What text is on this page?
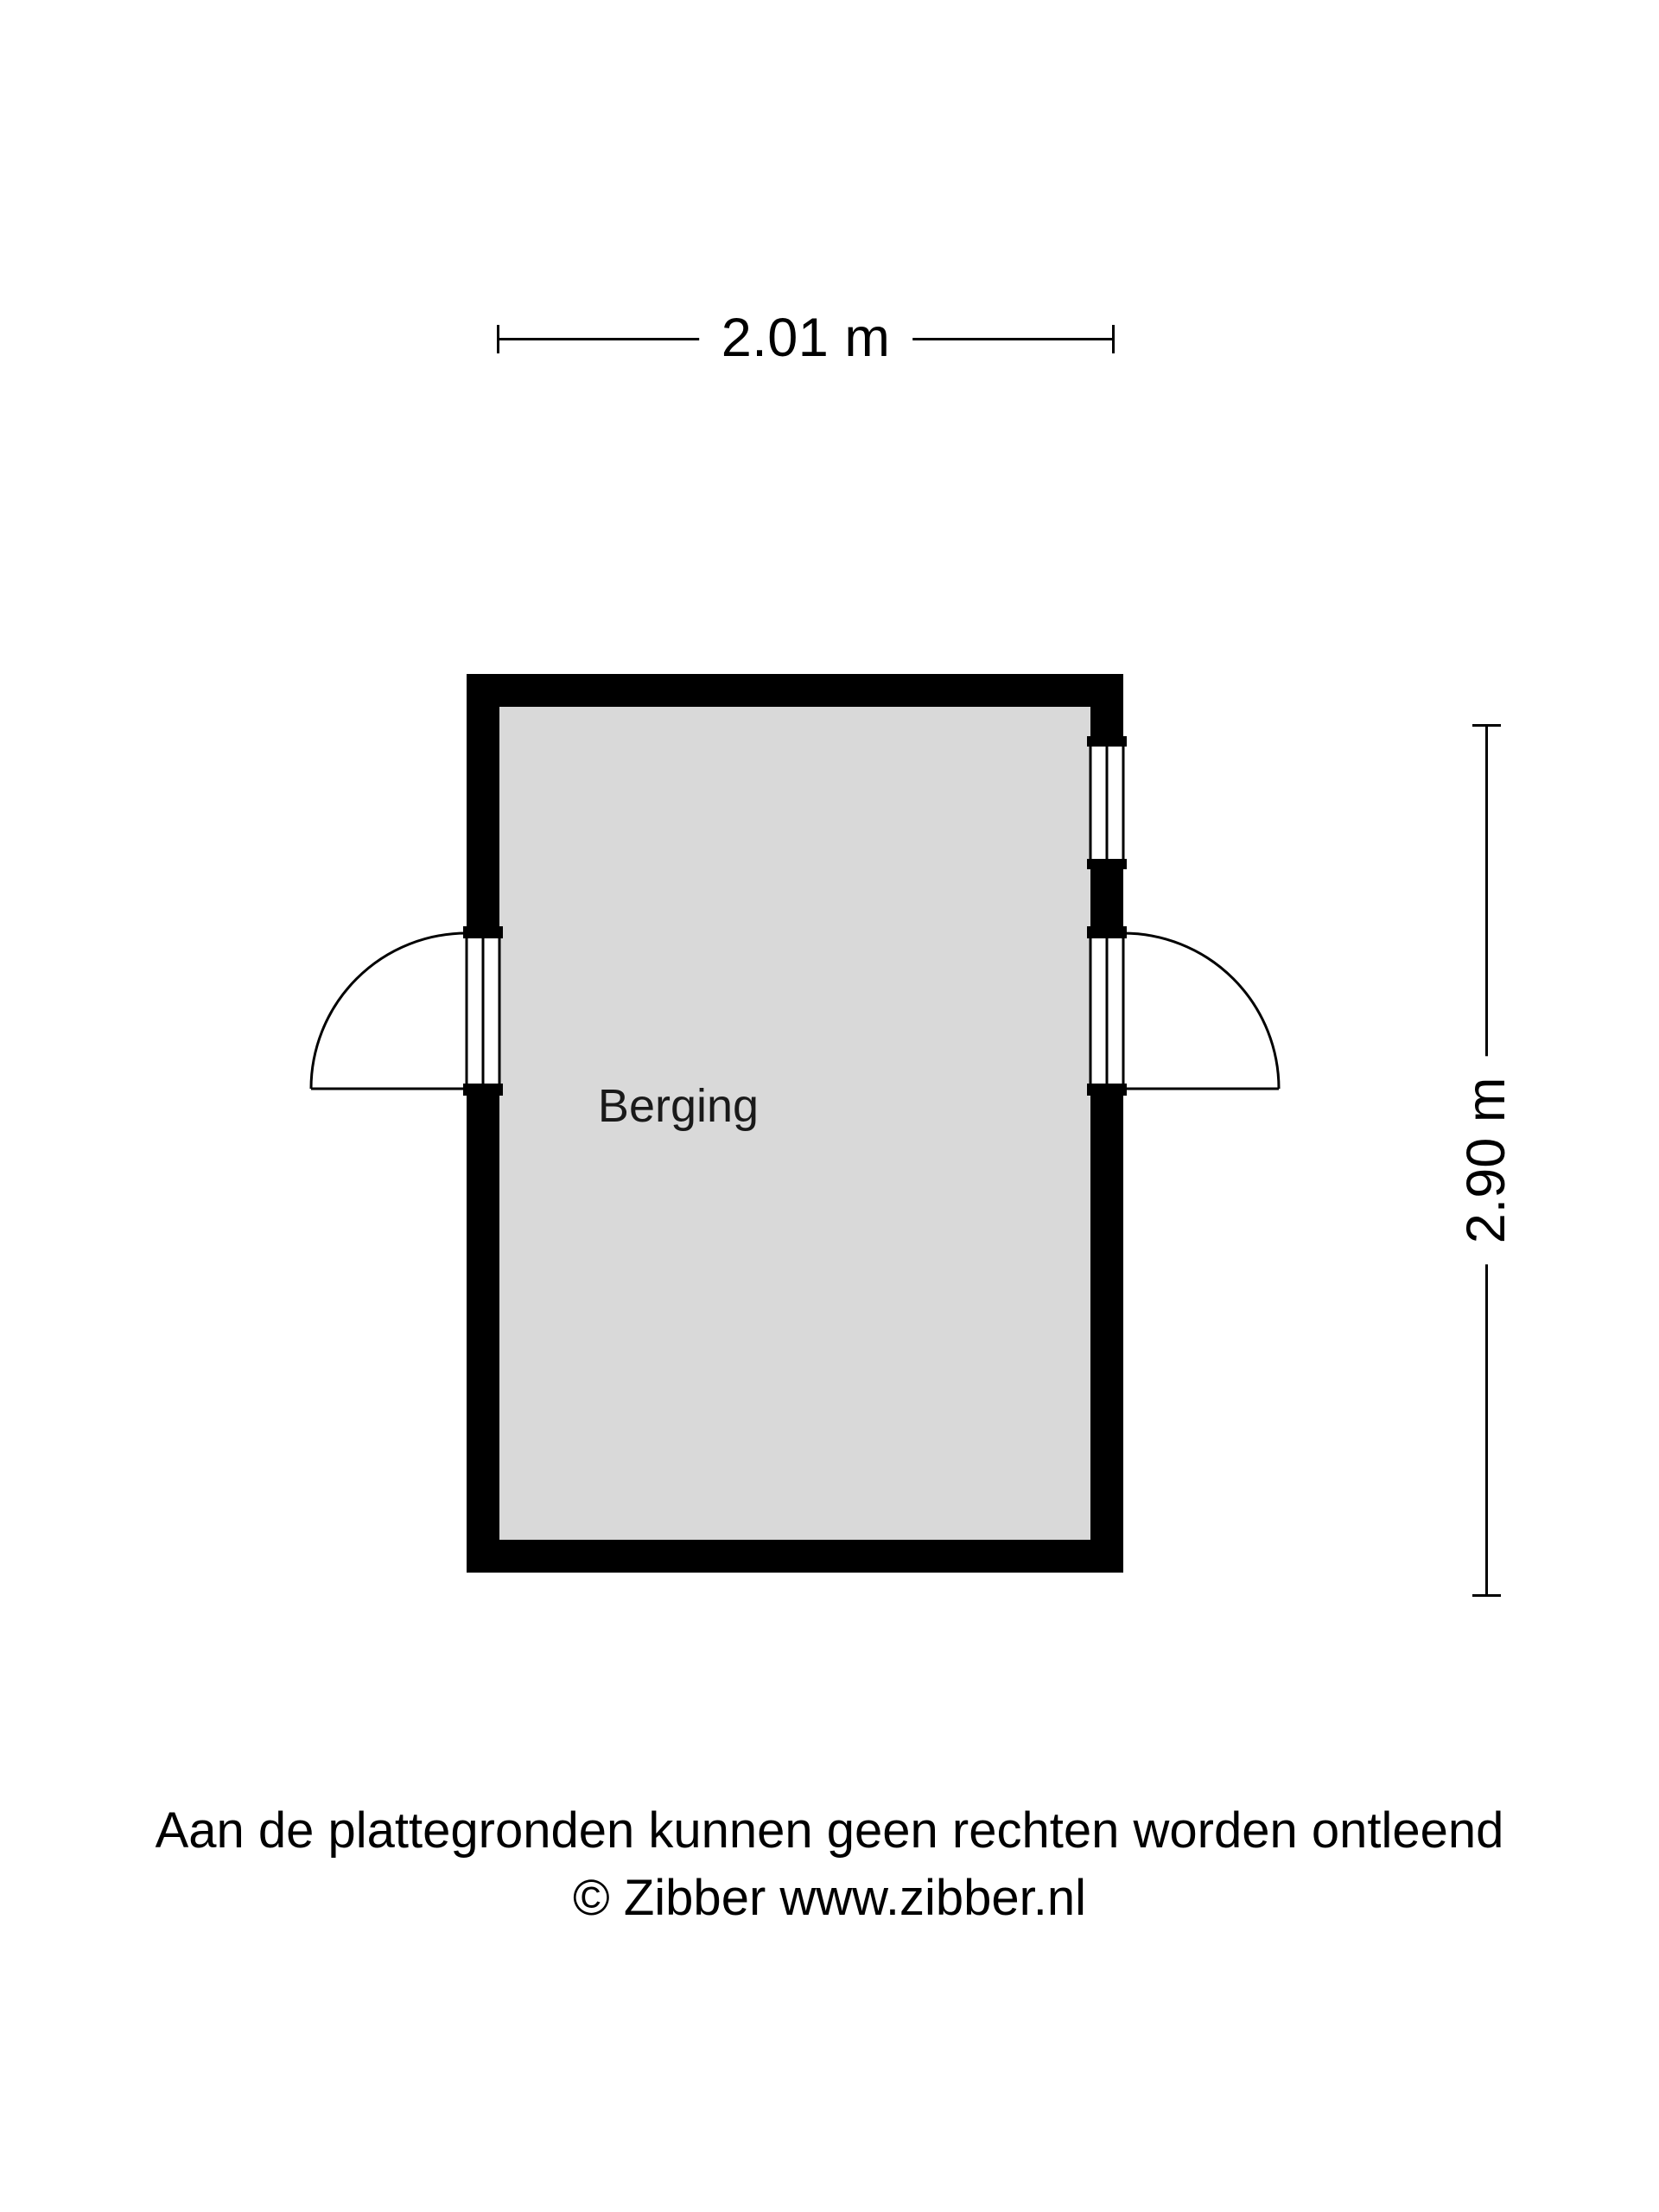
2.01 m
2.90 m
Berging
Aan de plattegronden kunnen geen rechten worden ontleend
© Zibber www.zibber.nl
